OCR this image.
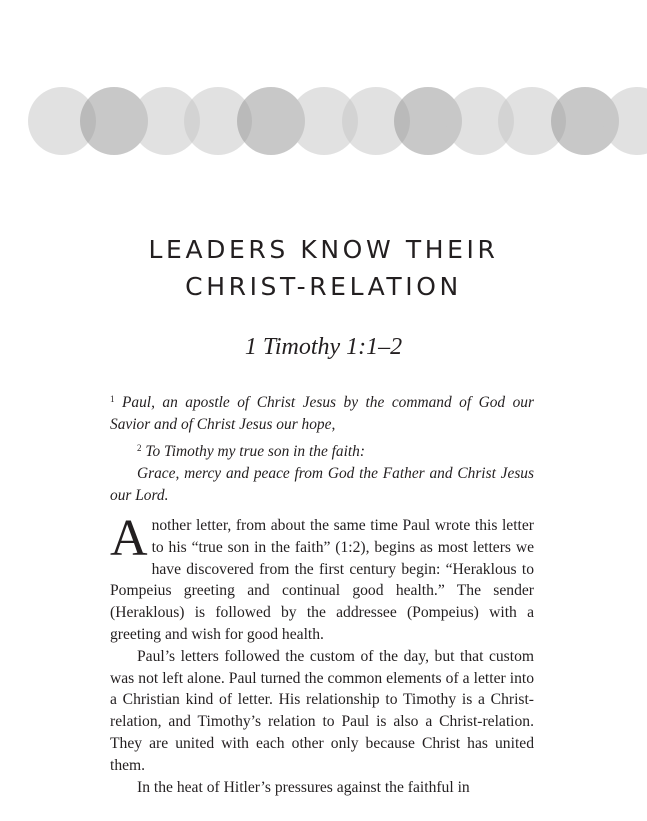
LEADERS KNOW THEIR
CHRIST-RELATION
1 Timothy 1:1–2

$^1$ Paul, an apostle of Christ Jesus by the command of God our Savior and of Christ Jesus our hope,

$^2$ To Timothy my true son in the faith:

Grace, mercy and peace from God the Father and Christ Jesus our Lord.

Another letter, from about the same time Paul wrote this letter to his “true son in the faith” (1:2), begins as most letters we have discovered from the first century begin: “Heraklous to Pompeius greeting and continual good health.” The sender (Heraklous) is followed by the addressee (Pompeius) with a greeting and wish for good health.

Paul’s letters followed the custom of the day, but that custom was not left alone. Paul turned the common elements of a letter into a Christian kind of letter. His relationship to Timothy is a Christ-relation, and Timothy’s relation to Paul is also a Christ-relation. They are united with each other only because Christ has united them.

In the heat of Hitler’s pressures against the faithful in
